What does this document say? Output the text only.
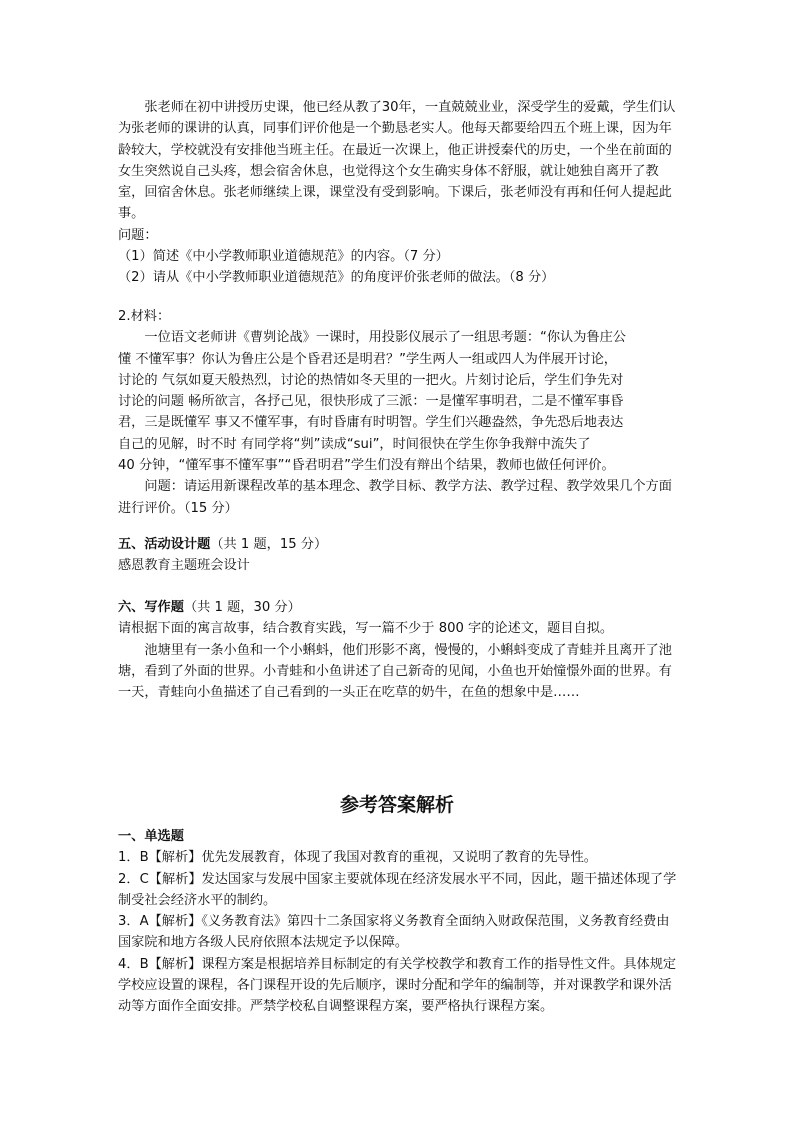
张老师在初中讲授历史课，他已经从教了30年，一直兢兢业业，深受学生的爱戴，学生们认为张老师的课讲的认真，同事们评价他是一个勤恳老实人。他每天都要给四五个班上课，因为年龄较大，学校就没有安排他当班主任。在最近一次课上，他正讲授秦代的历史，一个坐在前面的女生突然说自己头疼，想会宿舍休息，也觉得这个女生确实身体不舒服，就让她独自离开了教室，回宿舍休息。张老师继续上课，课堂没有受到影响。下课后，张老师没有再和任何人提起此事。

问题：

（1）简述《中小学教师职业道德规范》的内容。（7 分）

（2）请从《中小学教师职业道德规范》的角度评价张老师的做法。（8 分）

2.材料：

一位语文老师讲《曹刿论战》一课时，用投影仪展示了一组思考题：“你认为鲁庄公
懂 不懂军事？你认为鲁庄公是个昏君还是明君？”学生两人一组或四人为伴展开讨论，
讨论的 气氛如夏天般热烈，讨论的热情如冬天里的一把火。片刻讨论后，学生们争先对
讨论的问题 畅所欲言，各抒己见，很快形成了三派：一是懂军事明君，二是不懂军事昏
君，三是既懂军 事又不懂军事，有时昏庸有时明智。学生们兴趣盎然，争先恐后地表达
自己的见解，时不时 有同学将“刿”读成“sui”，时间很快在学生你争我辩中流失了
40 分钟，“懂军事不懂军事”“昏君明君”学生们没有辩出个结果，教师也做任何评价。

问题：请运用新课程改革的基本理念、教学目标、教学方法、教学过程、教学效果几个方面进行评价。（15 分）

五、活动设计题（共 1 题，15 分）

感恩教育主题班会设计

六、写作题（共 1 题，30 分）

请根据下面的寓言故事，结合教育实践，写一篇不少于 800 字的论述文，题目自拟。

池塘里有一条小鱼和一个小蝌蚪，他们形影不离，慢慢的，小蝌蚪变成了青蛙并且离开了池塘，看到了外面的世界。小青蛙和小鱼讲述了自己新奇的见闻，小鱼也开始憧憬外面的世界。有一天，青蛙向小鱼描述了自己看到的一头正在吃草的奶牛，在鱼的想象中是……

参考答案解析

一、单选题

1．B【解析】优先发展教育，体现了我国对教育的重视，又说明了教育的先导性。

2．C【解析】发达国家与发展中国家主要就体现在经济发展水平不同，因此，题干描述体现了学制受社会经济水平的制约。

3．A【解析】《义务教育法》第四十二条国家将义务教育全面纳入财政保范围，义务教育经费由国家院和地方各级人民府依照本法规定予以保障。

4．B【解析】课程方案是根据培养目标制定的有关学校教学和教育工作的指导性文件。具体规定学校应设置的课程，各门课程开设的先后顺序，课时分配和学年的编制等，并对课教学和课外活动等方面作全面安排。严禁学校私自调整课程方案，要严格执行课程方案。
